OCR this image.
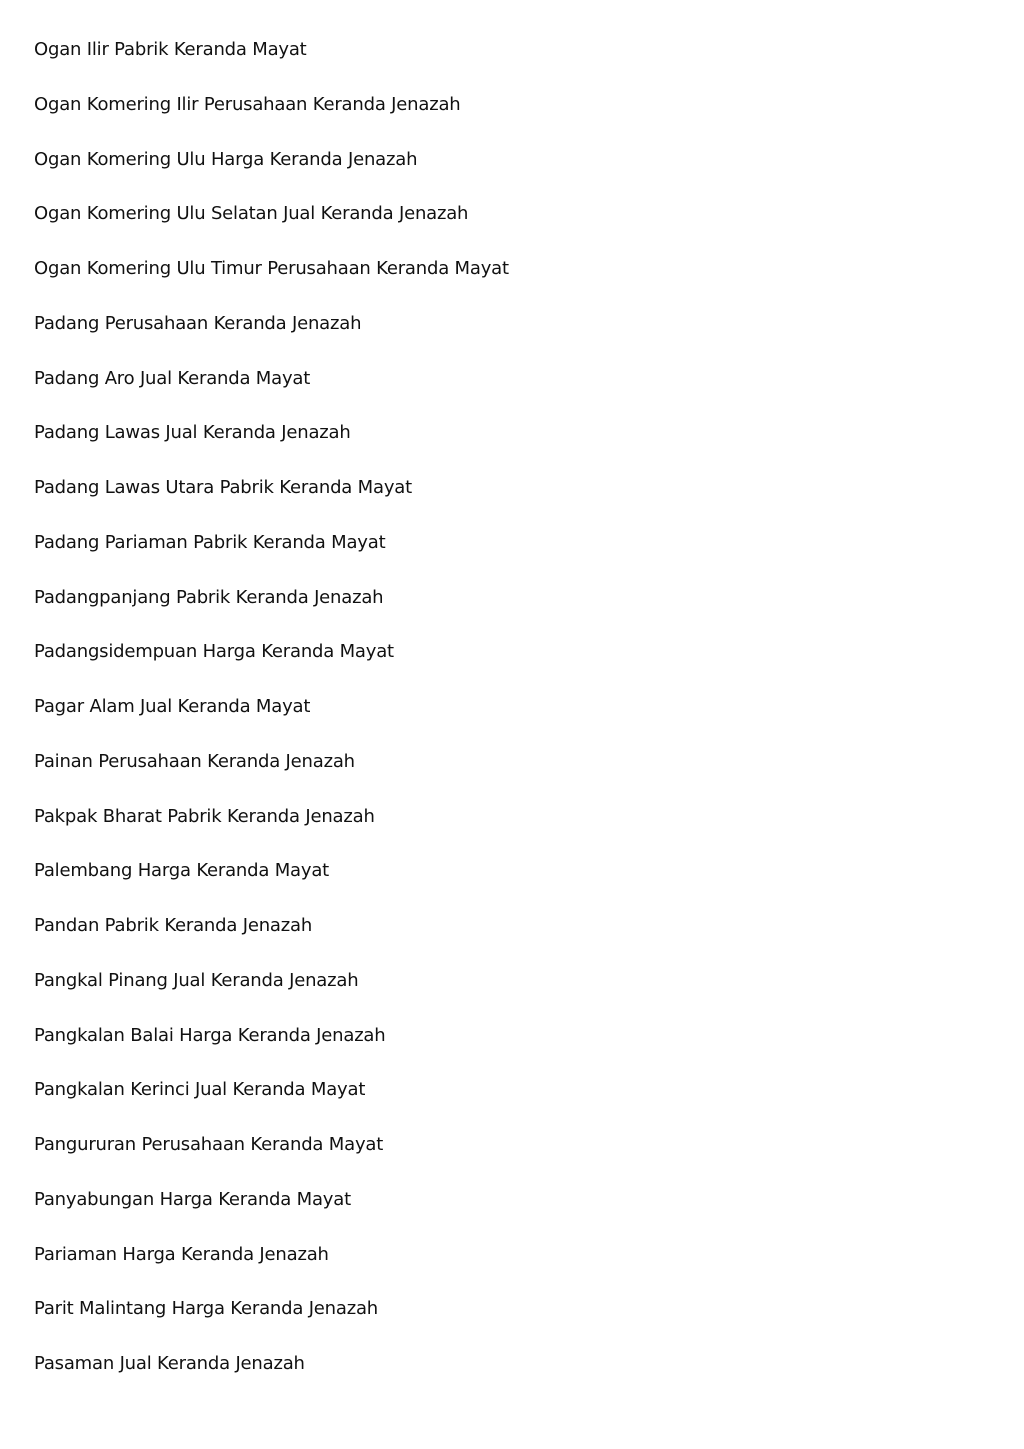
Ogan Ilir Pabrik Keranda Mayat
Ogan Komering Ilir Perusahaan Keranda Jenazah
Ogan Komering Ulu Harga Keranda Jenazah
Ogan Komering Ulu Selatan Jual Keranda Jenazah
Ogan Komering Ulu Timur Perusahaan Keranda Mayat
Padang Perusahaan Keranda Jenazah
Padang Aro Jual Keranda Mayat
Padang Lawas Jual Keranda Jenazah
Padang Lawas Utara Pabrik Keranda Mayat
Padang Pariaman Pabrik Keranda Mayat
Padangpanjang Pabrik Keranda Jenazah
Padangsidempuan Harga Keranda Mayat
Pagar Alam Jual Keranda Mayat
Painan Perusahaan Keranda Jenazah
Pakpak Bharat Pabrik Keranda Jenazah
Palembang Harga Keranda Mayat
Pandan Pabrik Keranda Jenazah
Pangkal Pinang Jual Keranda Jenazah
Pangkalan Balai Harga Keranda Jenazah
Pangkalan Kerinci Jual Keranda Mayat
Pangururan Perusahaan Keranda Mayat
Panyabungan Harga Keranda Mayat
Pariaman Harga Keranda Jenazah
Parit Malintang Harga Keranda Jenazah
Pasaman Jual Keranda Jenazah
